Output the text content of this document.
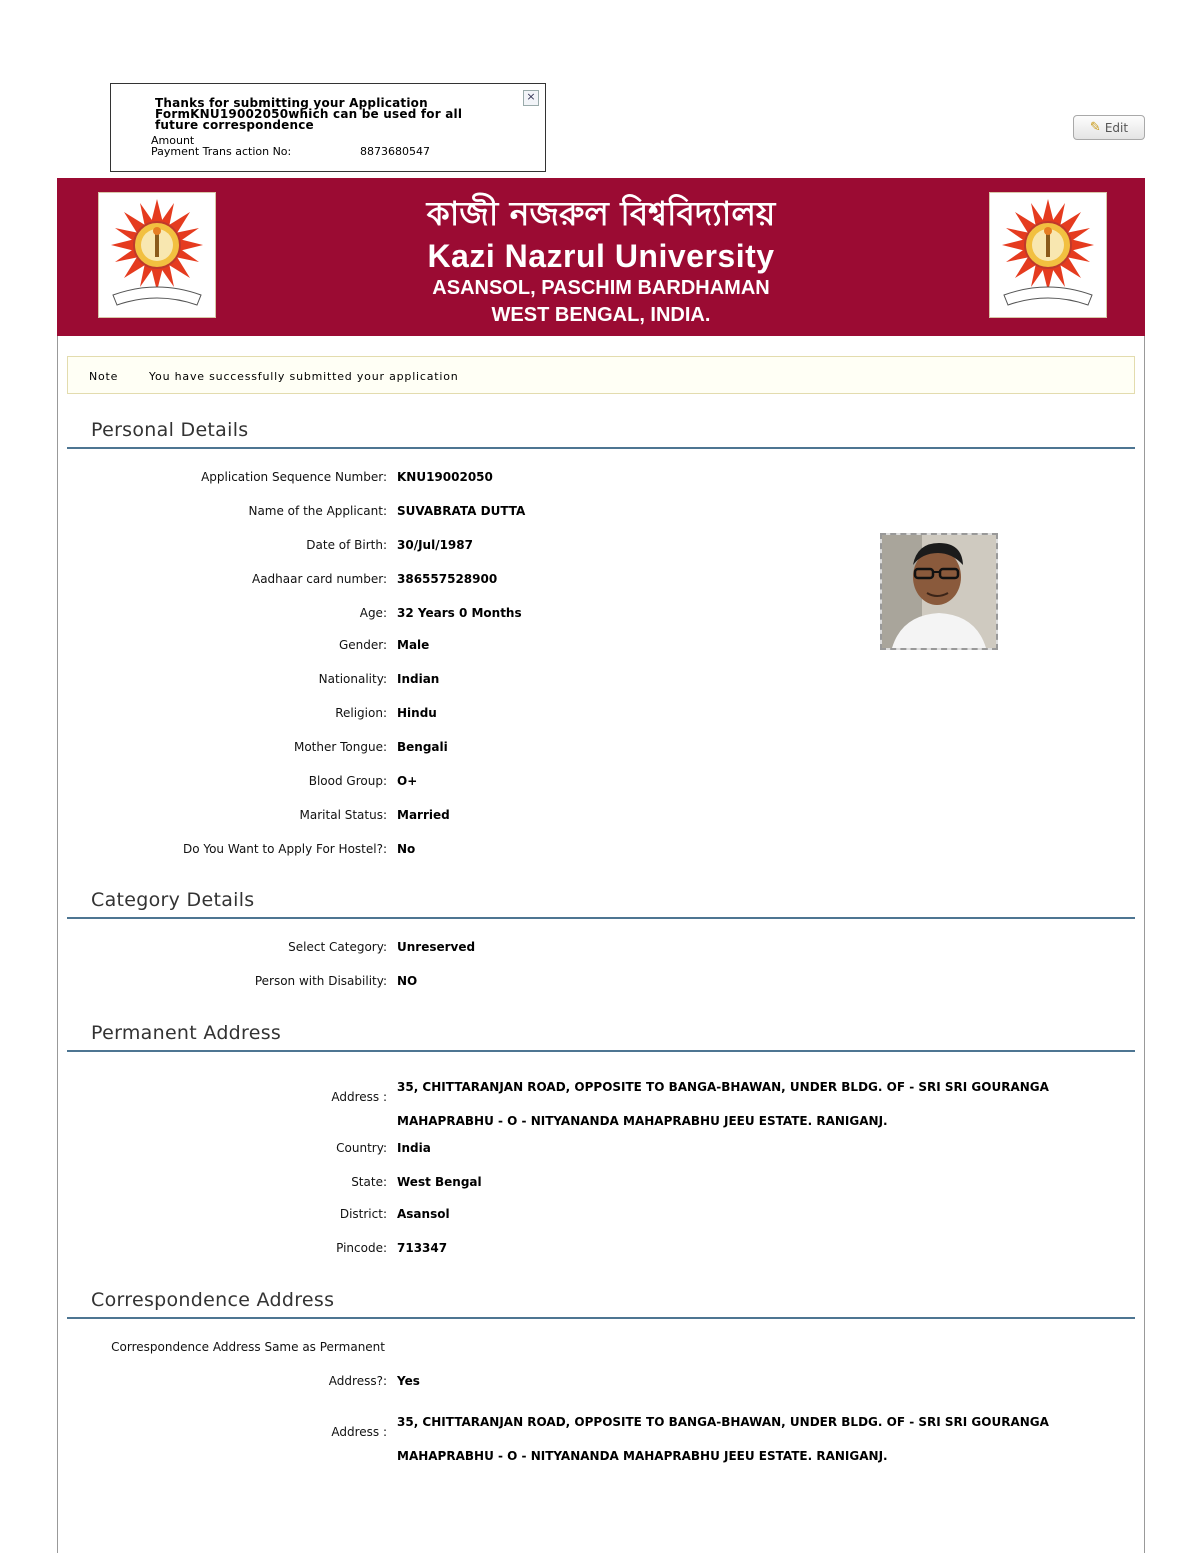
×
Thanks for submitting your Application FormKNU19002050which can be used for all future correspondence
Amount
Payment Trans action No:	8873680547
✎ Edit
কাজী নজরুল বিশ্ববিদ্যালয়
Kazi Nazrul University
ASANSOL, PASCHIM BARDHAMAN
WEST BENGAL, INDIA.
Note	You have successfully submitted your application
Personal Details
Application Sequence Number: KNU19002050
Name of the Applicant: SUVABRATA DUTTA
Date of Birth: 30/Jul/1987
Aadhaar card number: 386557528900
Age: 32 Years 0 Months
Gender: Male
Nationality: Indian
Religion: Hindu
Mother Tongue: Bengali
Blood Group: O+
Marital Status: Married
Do You Want to Apply For Hostel?: No
Category Details
Select Category: Unreserved
Person with Disability: NO
Permanent Address
Address :
35, CHITTARANJAN ROAD, OPPOSITE TO BANGA-BHAWAN, UNDER BLDG. OF - SRI SRI GOURANGA MAHAPRABHU - O - NITYANANDA MAHAPRABHU JEEU ESTATE. RANIGANJ.
Country: India
State: West Bengal
District: Asansol
Pincode: 713347
Correspondence Address
Correspondence Address Same as Permanent
Address?: Yes
Address :
35, CHITTARANJAN ROAD, OPPOSITE TO BANGA-BHAWAN, UNDER BLDG. OF - SRI SRI GOURANGA MAHAPRABHU - O - NITYANANDA MAHAPRABHU JEEU ESTATE. RANIGANJ.
